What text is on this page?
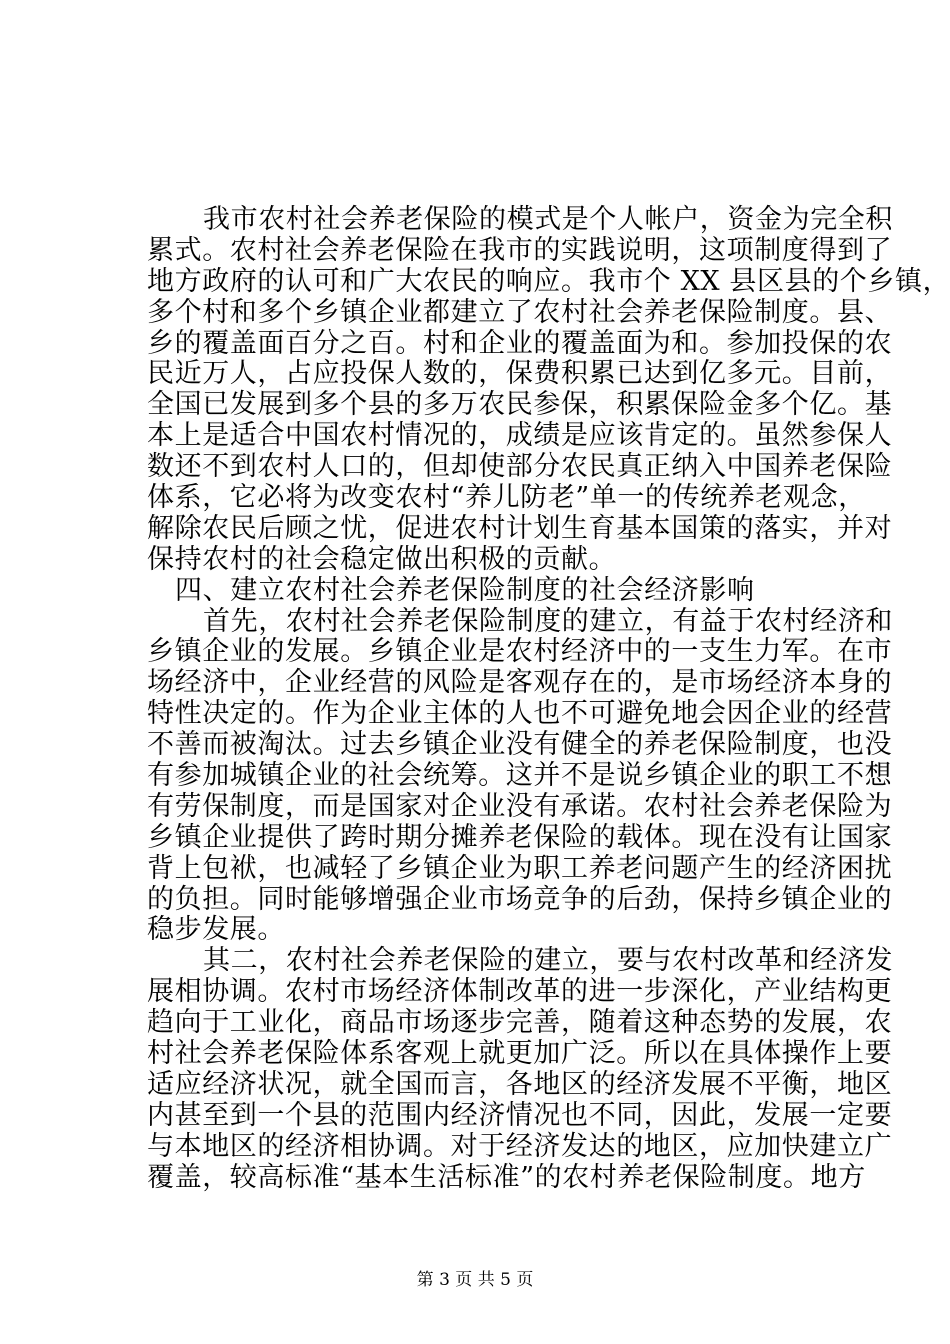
我市农村社会养老保险的模式是个人帐户，资金为完全积
累式。农村社会养老保险在我市的实践说明，这项制度得到了
地方政府的认可和广大农民的响应。我市个 XX 县区县的个乡镇，
多个村和多个乡镇企业都建立了农村社会养老保险制度。县、
乡的覆盖面百分之百。村和企业的覆盖面为和。参加投保的农
民近万人，占应投保人数的，保费积累已达到亿多元。目前，
全国已发展到多个县的多万农民参保，积累保险金多个亿。基
本上是适合中国农村情况的，成绩是应该肯定的。虽然参保人
数还不到农村人口的，但却使部分农民真正纳入中国养老保险
体系，它必将为改变农村“养儿防老”单一的传统养老观念，
解除农民后顾之忧，促进农村计划生育基本国策的落实，并对
保持农村的社会稳定做出积极的贡献。
四、建立农村社会养老保险制度的社会经济影响
首先，农村社会养老保险制度的建立，有益于农村经济和
乡镇企业的发展。乡镇企业是农村经济中的一支生力军。在市
场经济中，企业经营的风险是客观存在的，是市场经济本身的
特性决定的。作为企业主体的人也不可避免地会因企业的经营
不善而被淘汰。过去乡镇企业没有健全的养老保险制度，也没
有参加城镇企业的社会统筹。这并不是说乡镇企业的职工不想
有劳保制度，而是国家对企业没有承诺。农村社会养老保险为
乡镇企业提供了跨时期分摊养老保险的载体。现在没有让国家
背上包袱，也减轻了乡镇企业为职工养老问题产生的经济困扰
的负担。同时能够增强企业市场竞争的后劲，保持乡镇企业的
稳步发展。
其二，农村社会养老保险的建立，要与农村改革和经济发
展相协调。农村市场经济体制改革的进一步深化，产业结构更
趋向于工业化，商品市场逐步完善，随着这种态势的发展，农
村社会养老保险体系客观上就更加广泛。所以在具体操作上要
适应经济状况，就全国而言，各地区的经济发展不平衡，地区
内甚至到一个县的范围内经济情况也不同，因此，发展一定要
与本地区的经济相协调。对于经济发达的地区，应加快建立广
覆盖，较高标准“基本生活标准”的农村养老保险制度。地方
第 3 页 共 5 页
